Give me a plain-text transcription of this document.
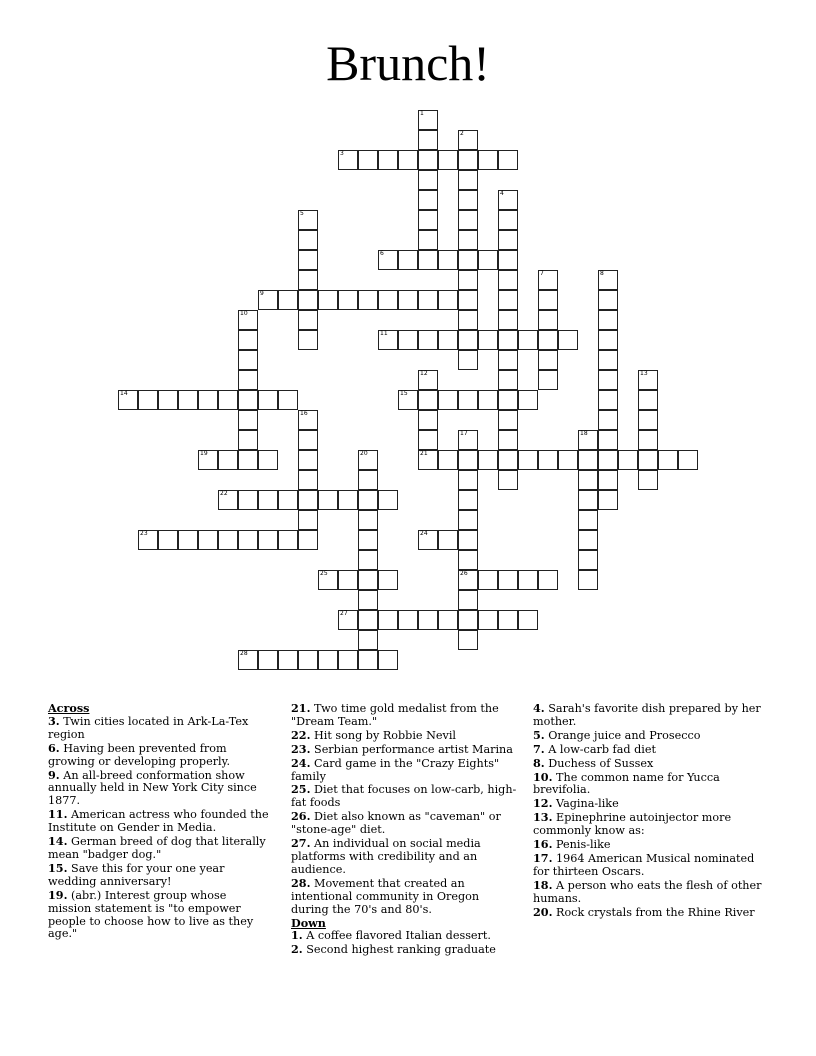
Brunch!
3
6
9
11
14	15
19	21
22
23	24
25	26
27
28
1
2
4
5
7	8
10
12	13
16
17	18
20
Across
3. Twin cities located in Ark-La-Tex region
6. Having been prevented from growing or developing properly.
9. An all-breed conformation show annually held in New York City since 1877.
11. American actress who founded the Institute on Gender in Media.
14. German breed of dog that literally mean "badger dog."
15. Save this for your one year wedding anniversary!
19. (abr.) Interest group whose mission statement is "to empower people to choose how to live as they age."
21. Two time gold medalist from the "Dream Team."
22. Hit song by Robbie Nevil
23. Serbian performance artist Marina
24. Card game in the "Crazy Eights" family
25. Diet that focuses on low-carb, high-fat foods
26. Diet also known as "caveman" or "stone-age" diet.
27. An individual on social media platforms with credibility and an audience.
28. Movement that created an intentional community in Oregon during the 70's and 80's.
Down
1. A coffee flavored Italian dessert.
2. Second highest ranking graduate
4. Sarah's favorite dish prepared by her mother.
5. Orange juice and Prosecco
7. A low-carb fad diet
8. Duchess of Sussex
10. The common name for Yucca brevifolia.
12. Vagina-like
13. Epinephrine autoinjector more commonly know as:
16. Penis-like
17. 1964 American Musical nominated for thirteen Oscars.
18. A person who eats the flesh of other humans.
20. Rock crystals from the Rhine River
